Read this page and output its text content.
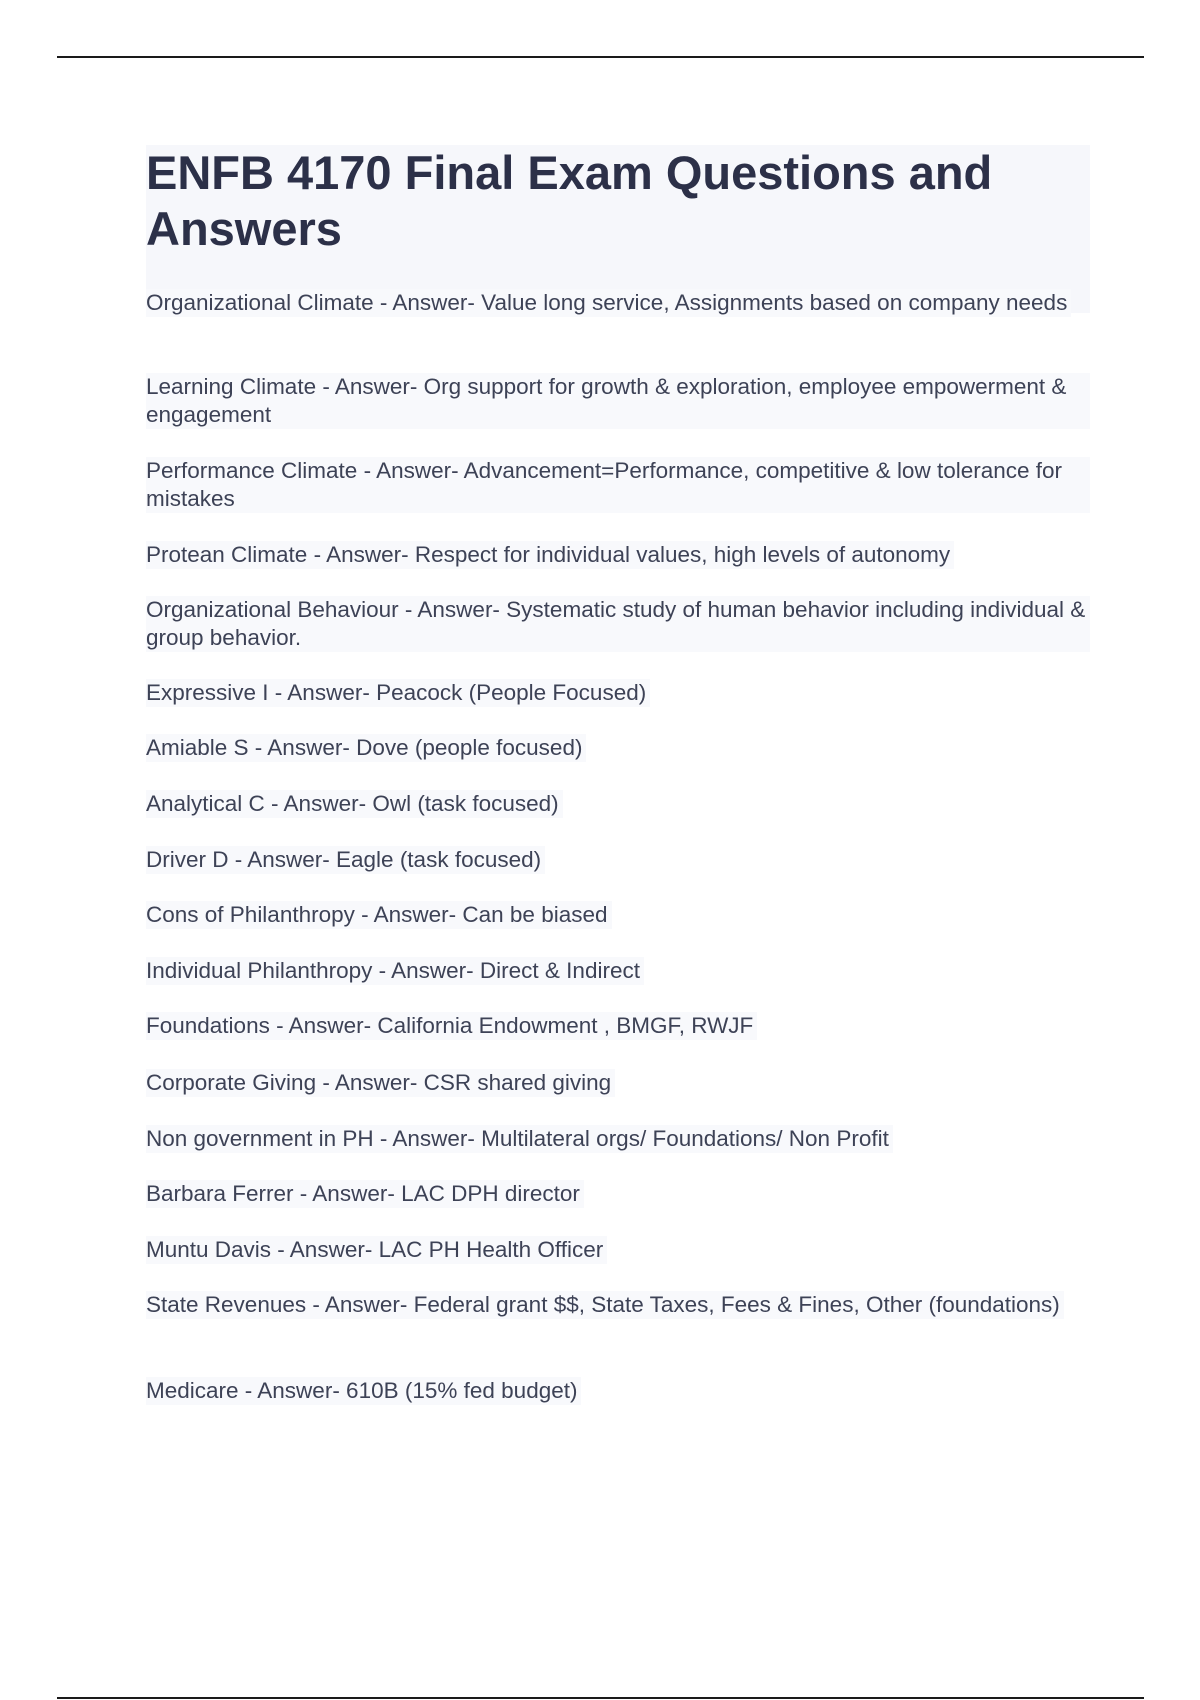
ENFB 4170 Final Exam Questions and Answers
Organizational Climate - Answer- Value long service, Assignments based on company needs
Learning Climate - Answer- Org support for growth & exploration, employee empowerment & engagement
Performance Climate - Answer- Advancement=Performance, competitive & low tolerance for mistakes
Protean Climate - Answer- Respect for individual values, high levels of autonomy
Organizational Behaviour - Answer- Systematic study of human behavior including individual & group behavior.
Expressive I - Answer- Peacock (People Focused)
Amiable S - Answer- Dove (people focused)
Analytical C - Answer- Owl (task focused)
Driver D - Answer- Eagle (task focused)
Cons of Philanthropy - Answer- Can be biased
Individual Philanthropy - Answer- Direct & Indirect
Foundations - Answer- California Endowment , BMGF, RWJF
Corporate Giving - Answer- CSR shared giving
Non government in PH - Answer- Multilateral orgs/ Foundations/ Non Profit
Barbara Ferrer - Answer- LAC DPH director
Muntu Davis - Answer- LAC PH Health Officer
State Revenues - Answer- Federal grant $$, State Taxes, Fees & Fines, Other (foundations)
Medicare - Answer- 610B (15% fed budget)
